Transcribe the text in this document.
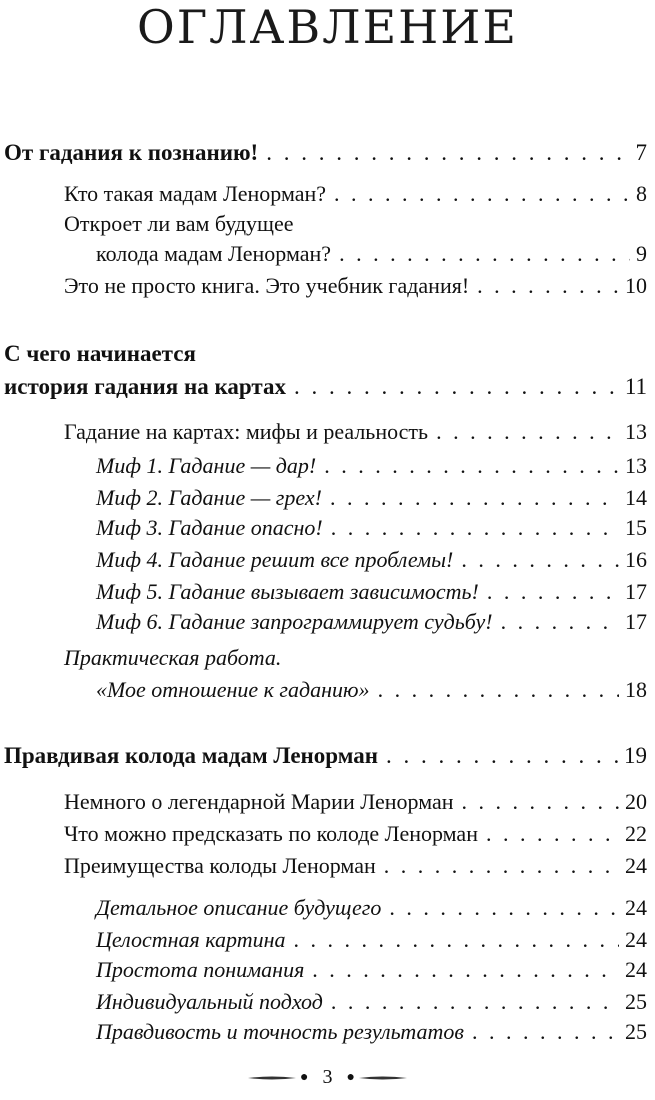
ОГЛАВЛЕНИЕ
От гадания к познанию! . . .	7
Кто такая мадам Ленорман? . . .	8
Откроет ли вам будущее
колода мадам Ленорман? . . .	9
Это не просто книга. Это учебник гадания! . . .	10
С чего начинается
история гадания на картах . . .	11
Гадание на картах: мифы и реальность . . .	13
Миф 1. Гадание — дар! . . .	13
Миф 2. Гадание — грех! . . .	14
Миф 3. Гадание опасно! . . .	15
Миф 4. Гадание решит все проблемы! . . .	16
Миф 5. Гадание вызывает зависимость! . . .	17
Миф 6. Гадание запрограммирует судьбу! . . .	17
Практическая работа.
«Мое отношение к гаданию» . . .	18
Правдивая колода мадам Ленорман . . .	19
Немного о легендарной Марии Ленорман . . .	20
Что можно предсказать по колоде Ленорман . . .	22
Преимущества колоды Ленорман . . .	24
Детальное описание будущего . . .	24
Целостная картина . . .	24
Простота понимания . . .	24
Индивидуальный подход . . .	25
Правдивость и точность результатов . . .	25
● 3 ●
